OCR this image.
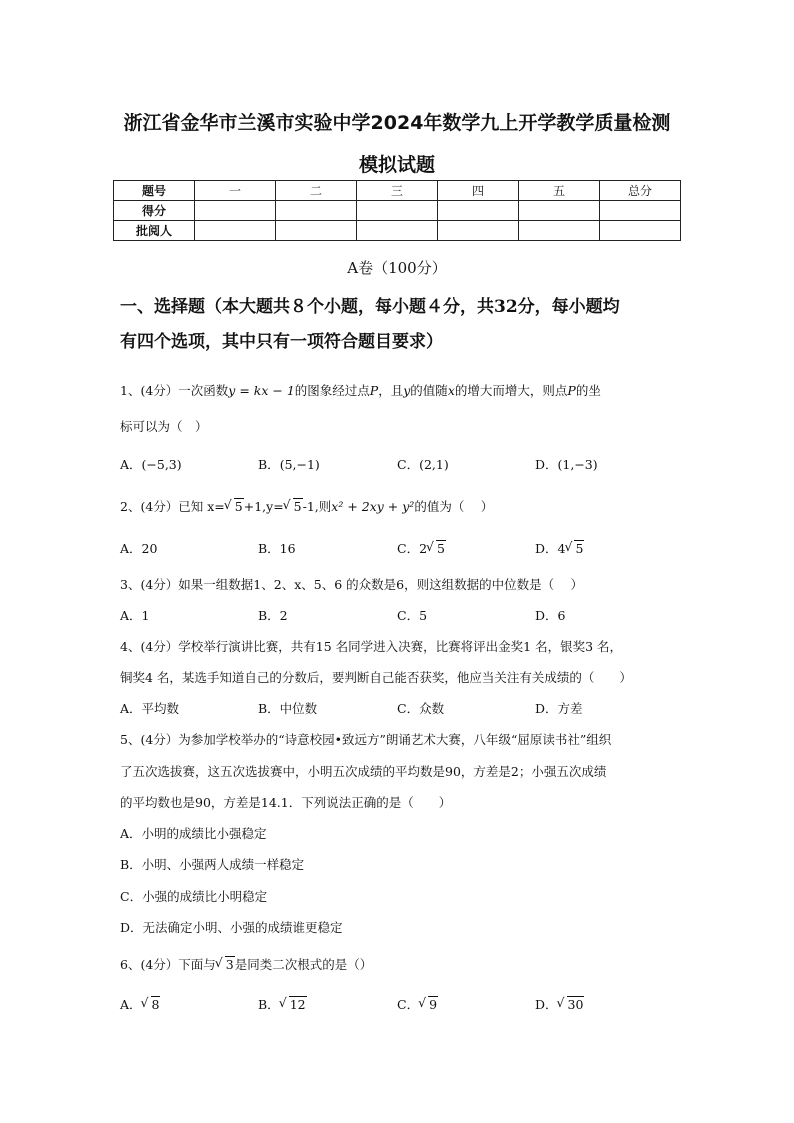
浙江省金华市兰溪市实验中学2024年数学九上开学教学质量检测
模拟试题
题号	一	二	三	四	五	总分
得分						
批阅人						
A卷（100分）
一、选择题（本大题共８个小题，每小题４分，共32分，每小题均
有四个选项，其中只有一项符合题目要求）
1、(4分）一次函数y = kx − 1的图象经过点P，且y的值随x的增大而增大，则点P的坐
标可以为（　）
A．(−5,3)	B．(5,−1)	C．(2,1)	D．(1,−3)
2、(4分）已知 x= √ 5+1,y= √ 5-1,则x² + 2xy + y²的值为（　 ）
A．20	B．16	C．2 √ 5	D．4 √ 5
3、(4分）如果一组数据1、2、x、5、6 的众数是6，则这组数据的中位数是（　 ）
A．1	B．2	C．5	D．6
4、(4分）学校举行演讲比赛，共有15 名同学进入决赛，比赛将评出金奖1 名，银奖3 名，
铜奖4 名，某选手知道自己的分数后，要判断自己能否获奖，他应当关注有关成绩的（　　）
A．平均数	B．中位数	C．众数	D．方差
5、(4分）为参加学校举办的“诗意校园•致远方”朗诵艺术大赛，八年级“屈原读书社”组织
了五次选拔赛，这五次选拔赛中，小明五次成绩的平均数是90，方差是2；小强五次成绩
的平均数也是90，方差是14.1．下列说法正确的是（　　）
A．小明的成绩比小强稳定
B．小明、小强两人成绩一样稳定
C．小强的成绩比小明稳定
D．无法确定小明、小强的成绩谁更稳定
6、(4分）下面与 √ 3是同类二次根式的是（）
A． √ 8	B． √ 12	C． √ 9	D． √ 30
